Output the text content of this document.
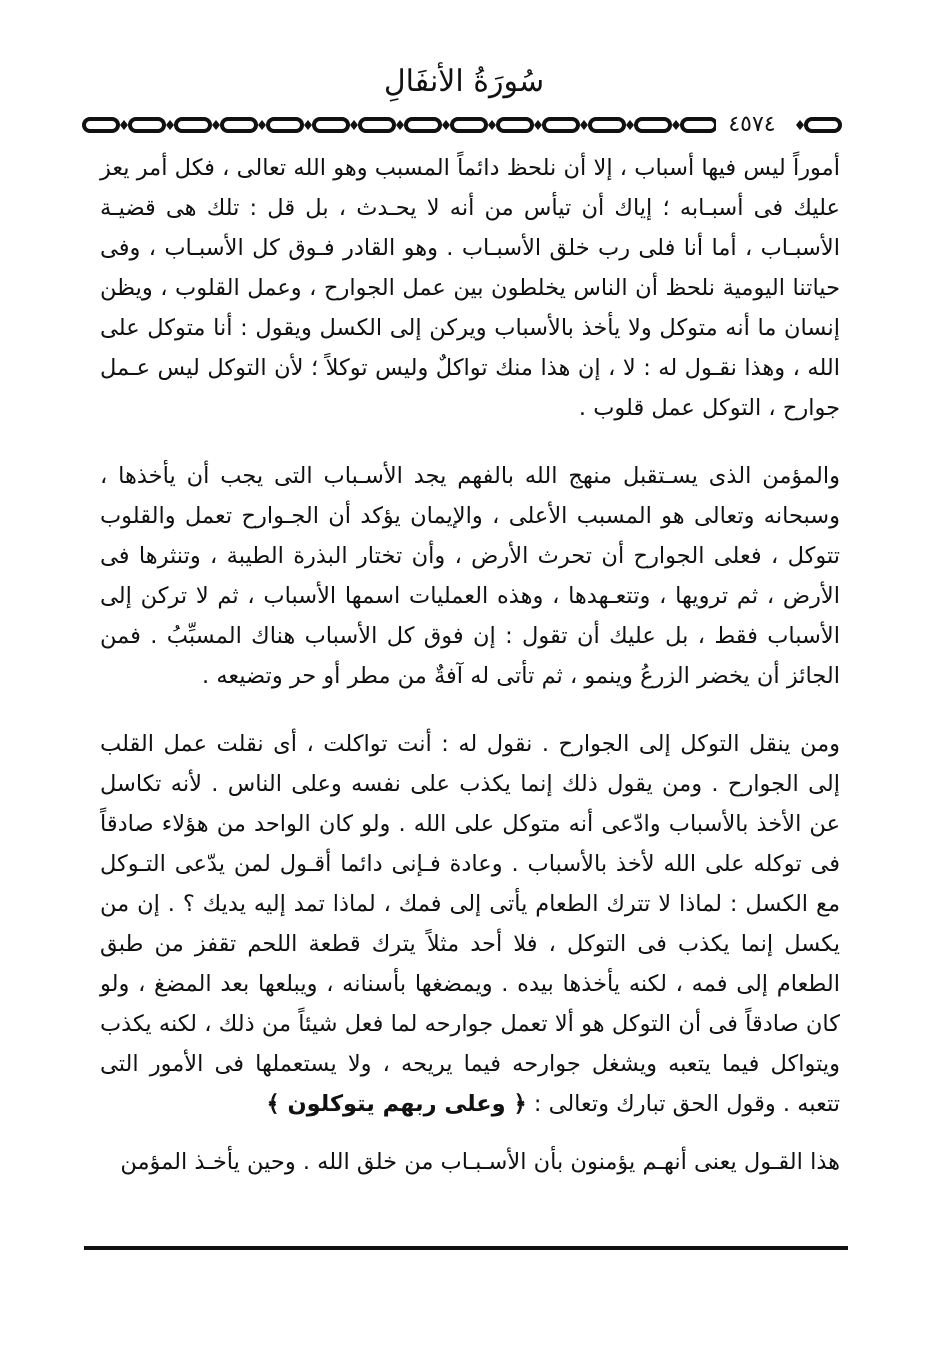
سُورَةُ الأنفَالِ
٤٥٧٤

أموراً ليس فيها أسباب ، إلا أن نلحظ دائماً المسبب وهو الله تعالى ، فكل أمر يعز عليك فى أسبـابه ؛ إياك أن تيأس من أنه لا يحـدث ، بل قل : تلك هى قضيـة الأسبـاب ، أما أنا فلى رب خلق الأسبـاب . وهو القادر فـوق كل الأسبـاب ، وفى حياتنا اليومية نلحظ أن الناس يخلطون بين عمل الجوارح ، وعمل القلوب ، ويظن إنسان ما أنه متوكل ولا يأخذ بالأسباب ويركن إلى الكسل ويقول : أنا متوكل على الله ، وهذا نقـول له : لا ، إن هذا منك تواكلٌ وليس توكلاً ؛ لأن التوكل ليس عـمل جوارح ، التوكل عمل قلوب .

والمؤمن الذى يسـتقبل منهج الله بالفهم يجد الأسـباب التى يجب أن يأخذها ، وسبحانه وتعالى هو المسبب الأعلى ، والإيمان يؤكد أن الجـوارح تعمل والقلوب تتوكل ، فعلى الجوارح أن تحرث الأرض ، وأن تختار البذرة الطيبة ، وتنثرها فى الأرض ، ثم ترويها ، وتتعـهدها ، وهذه العمليات اسمها الأسباب ، ثم لا تركن إلى الأسباب فقط ، بل عليك أن تقول : إن فوق كل الأسباب هناك المسبِّبُ . فمن الجائز أن يخضر الزرعُ وينمو ، ثم تأتى له آفةٌ من مطر أو حر وتضيعه .

ومن ينقل التوكل إلى الجوارح . نقول له : أنت تواكلت ، أى نقلت عمل القلب إلى الجوارح . ومن يقول ذلك إنما يكذب على نفسه وعلى الناس . لأنه تكاسل عن الأخذ بالأسباب وادّعى أنه متوكل على الله . ولو كان الواحد من هؤلاء صادقاً فى توكله على الله لأخذ بالأسباب . وعادة فـإنى دائما أقـول لمن يدّعى التـوكل مع الكسل : لماذا لا تترك الطعام يأتى إلى فمك ، لماذا تمد إليه يديك ؟ . إن من يكسل إنما يكذب فى التوكل ، فلا أحد مثلاً يترك قطعة اللحم تقفز من طبق الطعام إلى فمه ، لكنه يأخذها بيده . ويمضغها بأسنانه ، ويبلعها بعد المضغ ، ولو كان صادقاً فى أن التوكل هو ألا تعمل جوارحه لما فعل شيئاً من ذلك ، لكنه يكذب ويتواكل فيما يتعبه ويشغل جوارحه فيما يريحه ، ولا يستعملها فى الأمور التى تتعبه . وقول الحق تبارك وتعالى : ﴿ وعلى ربهم يتوكلون ﴾

هذا القـول يعنى أنهـم يؤمنون بأن الأسـبـاب من خلق الله . وحين يأخـذ المؤمن
